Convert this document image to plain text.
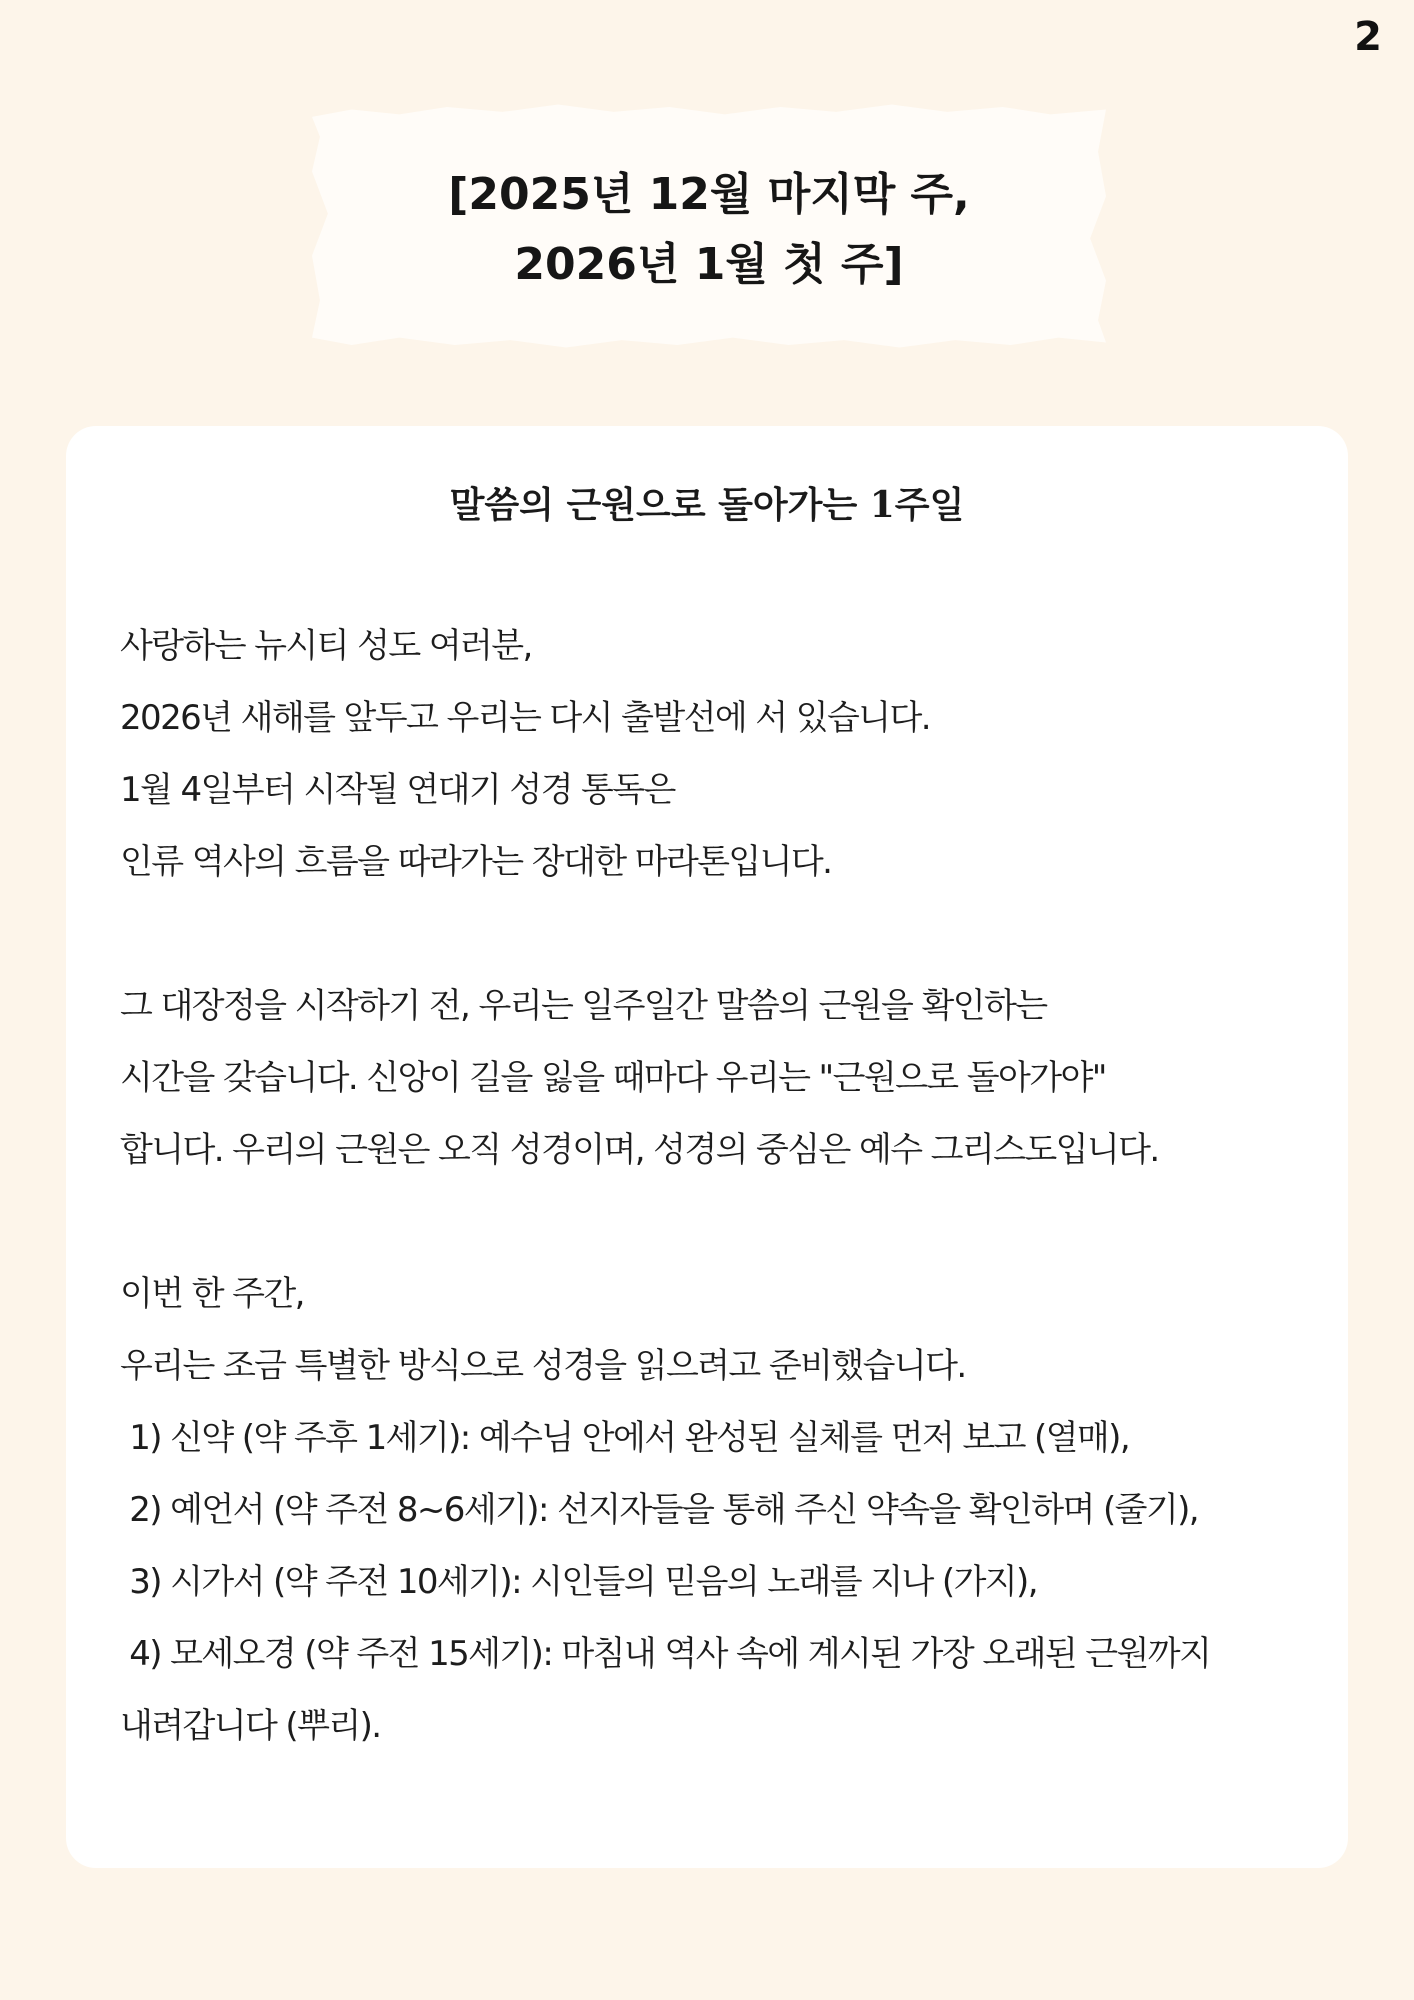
2
[2025년 12월 마지막 주,
2026년 1월 첫 주]
말씀의 근원으로 돌아가는 1주일
사랑하는 뉴시티 성도 여러분,
2026년 새해를 앞두고 우리는 다시 출발선에 서 있습니다.
1월 4일부터 시작될 연대기 성경 통독은
인류 역사의 흐름을 따라가는 장대한 마라톤입니다.
그 대장정을 시작하기 전, 우리는 일주일간 말씀의 근원을 확인하는
시간을 갖습니다. 신앙이 길을 잃을 때마다 우리는 "근원으로 돌아가야"
합니다. 우리의 근원은 오직 성경이며, 성경의 중심은 예수 그리스도입니다.
이번 한 주간,
우리는 조금 특별한 방식으로 성경을 읽으려고 준비했습니다.
1) 신약 (약 주후 1세기): 예수님 안에서 완성된 실체를 먼저 보고 (열매),
2) 예언서 (약 주전 8~6세기): 선지자들을 통해 주신 약속을 확인하며 (줄기),
3) 시가서 (약 주전 10세기): 시인들의 믿음의 노래를 지나 (가지),
4) 모세오경 (약 주전 15세기): 마침내 역사 속에 계시된 가장 오래된 근원까지
내려갑니다 (뿌리).
